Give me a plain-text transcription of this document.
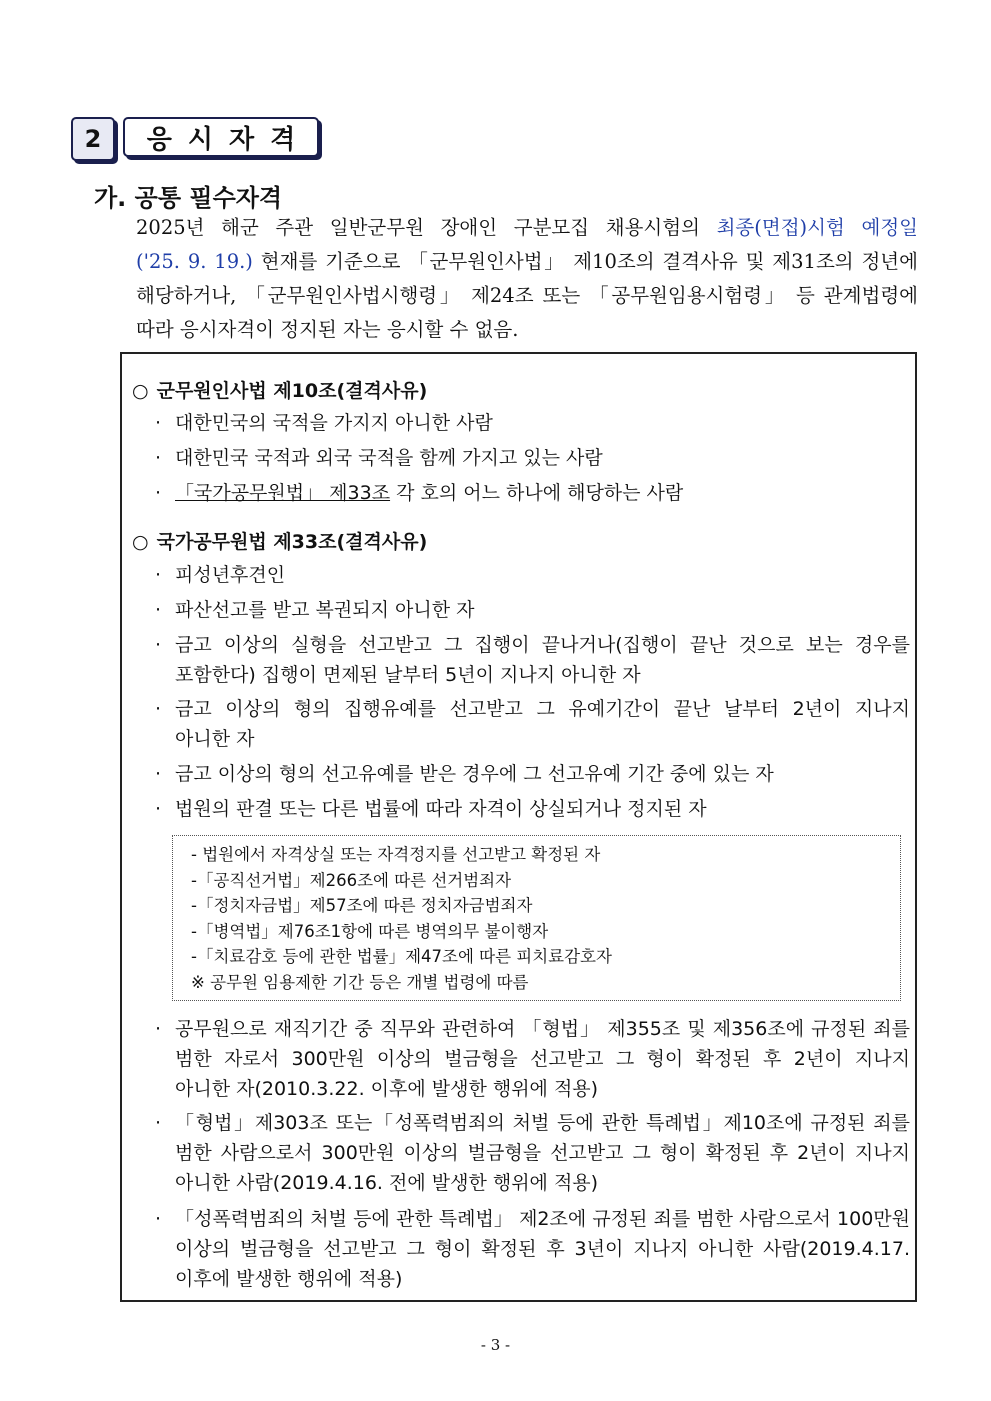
2	응시자격
가. 공통 필수자격
2025년 해군 주관 일반군무원 장애인 구분모집 채용시험의 최종(면접)시험 예정일
('25. 9. 19.) 현재를 기준으로 「군무원인사법」 제10조의 결격사유 및 제31조의 정년에
해당하거나, 「군무원인사법시행령」 제24조 또는 「공무원임용시험령」 등 관계법령에
따라 응시자격이 정지된 자는 응시할 수 없음.
○ 군무원인사법 제10조(결격사유)
· 대한민국의 국적을 가지지 아니한 사람
· 대한민국 국적과 외국 국적을 함께 가지고 있는 사람
· 「국가공무원법」 제33조 각 호의 어느 하나에 해당하는 사람
○ 국가공무원법 제33조(결격사유)
· 피성년후견인
· 파산선고를 받고 복권되지 아니한 자
· 금고 이상의 실형을 선고받고 그 집행이 끝나거나(집행이 끝난 것으로 보는 경우를
포함한다) 집행이 면제된 날부터 5년이 지나지 아니한 자
· 금고 이상의 형의 집행유예를 선고받고 그 유예기간이 끝난 날부터 2년이 지나지
아니한 자
· 금고 이상의 형의 선고유예를 받은 경우에 그 선고유예 기간 중에 있는 자
· 법원의 판결 또는 다른 법률에 따라 자격이 상실되거나 정지된 자
- 법원에서 자격상실 또는 자격정지를 선고받고 확정된 자
-「공직선거법」제266조에 따른 선거범죄자
-「정치자금법」제57조에 따른 정치자금범죄자
-「병역법」제76조1항에 따른 병역의무 불이행자
-「치료감호 등에 관한 법률」제47조에 따른 피치료감호자
※ 공무원 임용제한 기간 등은 개별 법령에 따름
· 공무원으로 재직기간 중 직무와 관련하여 「형법」 제355조 및 제356조에 규정된 죄를
범한 자로서 300만원 이상의 벌금형을 선고받고 그 형이 확정된 후 2년이 지나지
아니한 자(2010.3.22. 이후에 발생한 행위에 적용)
· 「형법」제303조 또는「성폭력범죄의 처벌 등에 관한 특례법」제10조에 규정된 죄를
범한 사람으로서 300만원 이상의 벌금형을 선고받고 그 형이 확정된 후 2년이 지나지
아니한 사람(2019.4.16. 전에 발생한 행위에 적용)
· 「성폭력범죄의 처벌 등에 관한 특례법」 제2조에 규정된 죄를 범한 사람으로서 100만원
이상의 벌금형을 선고받고 그 형이 확정된 후 3년이 지나지 아니한 사람(2019.4.17.
이후에 발생한 행위에 적용)
- 3 -
